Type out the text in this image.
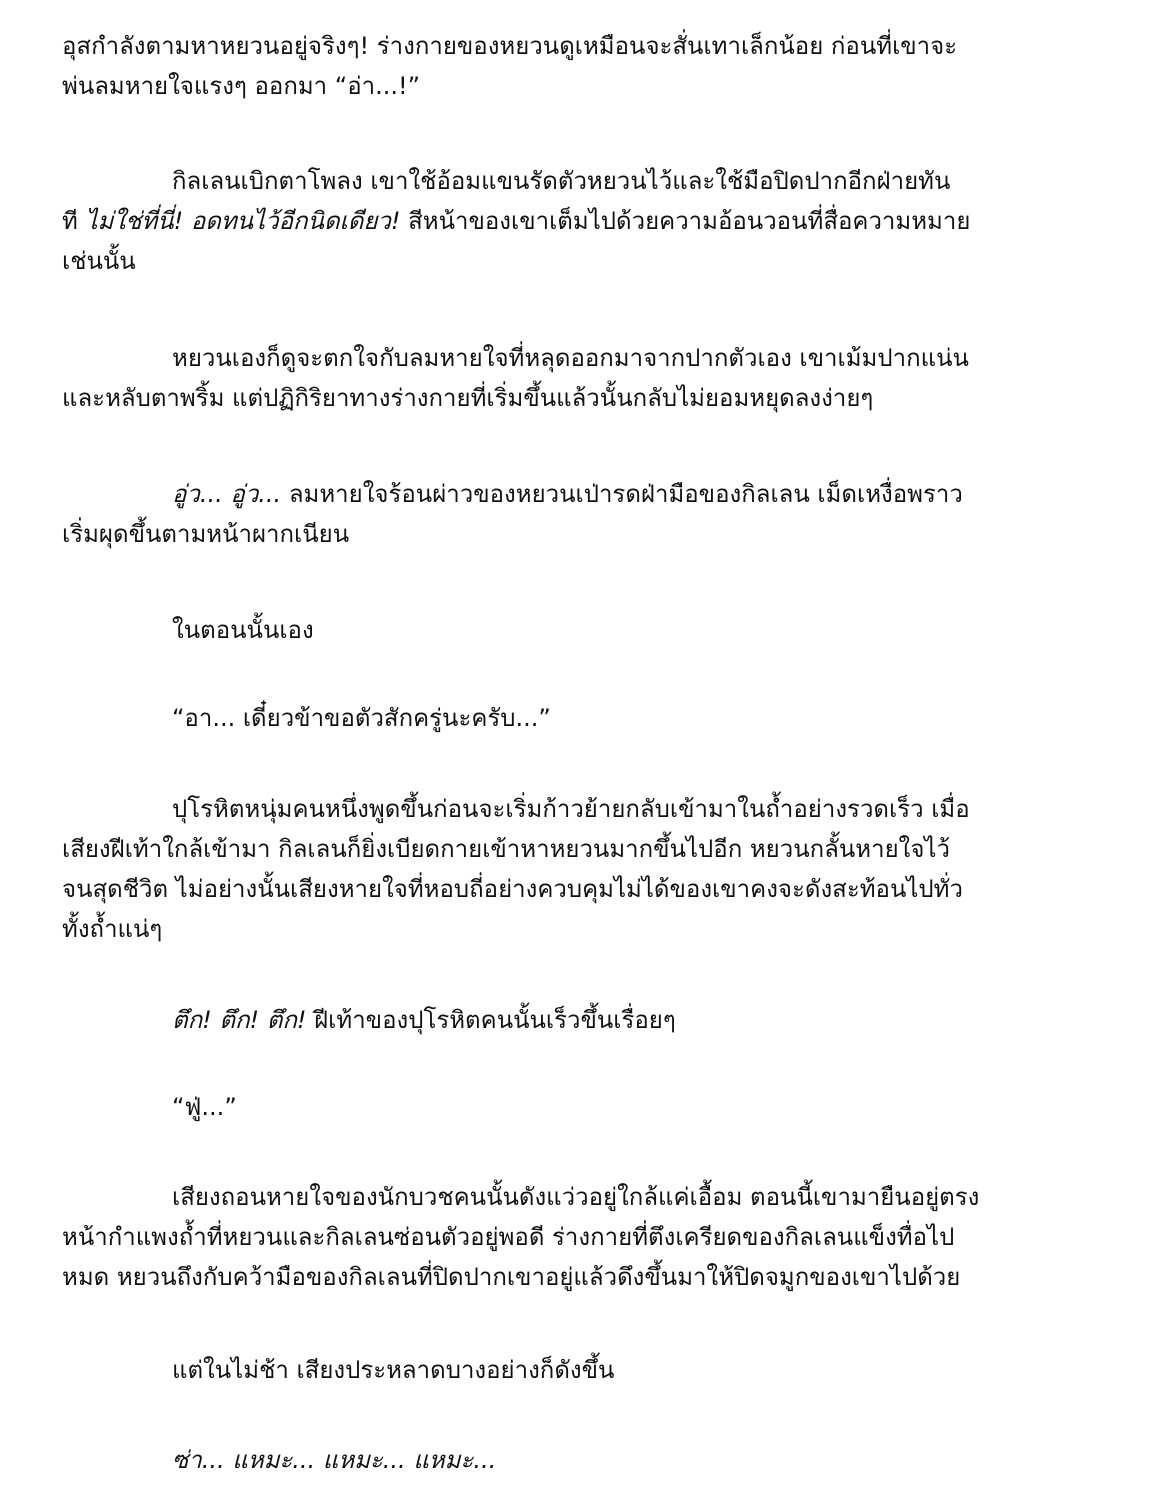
อุสกำลังตามหาหยวนอยู่จริงๆ! ร่างกายของหยวนดูเหมือนจะสั่นเทาเล็กน้อย ก่อนที่เขาจะ
พ่นลมหายใจแรงๆ ออกมา “อ่า...!”

กิลเลนเบิกตาโพลง เขาใช้อ้อมแขนรัดตัวหยวนไว้และใช้มือปิดปากอีกฝ่ายทัน
ที ไม่ใช่ที่นี่! อดทนไว้อีกนิดเดียว! สีหน้าของเขาเต็มไปด้วยความอ้อนวอนที่สื่อความหมาย
เช่นนั้น

หยวนเองก็ดูจะตกใจกับลมหายใจที่หลุดออกมาจากปากตัวเอง เขาเม้มปากแน่น
และหลับตาพริ้ม แต่ปฏิกิริยาทางร่างกายที่เริ่มขึ้นแล้วนั้นกลับไม่ยอมหยุดลงง่ายๆ

อู่ว... อู่ว... ลมหายใจร้อนผ่าวของหยวนเป่ารดฝ่ามือของกิลเลน เม็ดเหงื่อพราว
เริ่มผุดขึ้นตามหน้าผากเนียน

ในตอนนั้นเอง

“อา... เดี๋ยวข้าขอตัวสักครู่นะครับ...”

ปุโรหิตหนุ่มคนหนึ่งพูดขึ้นก่อนจะเริ่มก้าวย้ายกลับเข้ามาในถ้ำอย่างรวดเร็ว เมื่อ
เสียงฝีเท้าใกล้เข้ามา กิลเลนก็ยิ่งเบียดกายเข้าหาหยวนมากขึ้นไปอีก หยวนกลั้นหายใจไว้
จนสุดชีวิต ไม่อย่างนั้นเสียงหายใจที่หอบถี่อย่างควบคุมไม่ได้ของเขาคงจะดังสะท้อนไปทั่ว
ทั้งถ้ำแน่ๆ

ตึก! ตึก! ตึก! ฝีเท้าของปุโรหิตคนนั้นเร็วขึ้นเรื่อยๆ

“ฟู่...”

เสียงถอนหายใจของนักบวชคนนั้นดังแว่วอยู่ใกล้แค่เอื้อม ตอนนี้เขามายืนอยู่ตรง
หน้ากำแพงถ้ำที่หยวนและกิลเลนซ่อนตัวอยู่พอดี ร่างกายที่ตึงเครียดของกิลเลนแข็งทื่อไป
หมด หยวนถึงกับคว้ามือของกิลเลนที่ปิดปากเขาอยู่แล้วดึงขึ้นมาให้ปิดจมูกของเขาไปด้วย

แต่ในไม่ช้า เสียงประหลาดบางอย่างก็ดังขึ้น

ซ่า... แหมะ... แหมะ... แหมะ...
